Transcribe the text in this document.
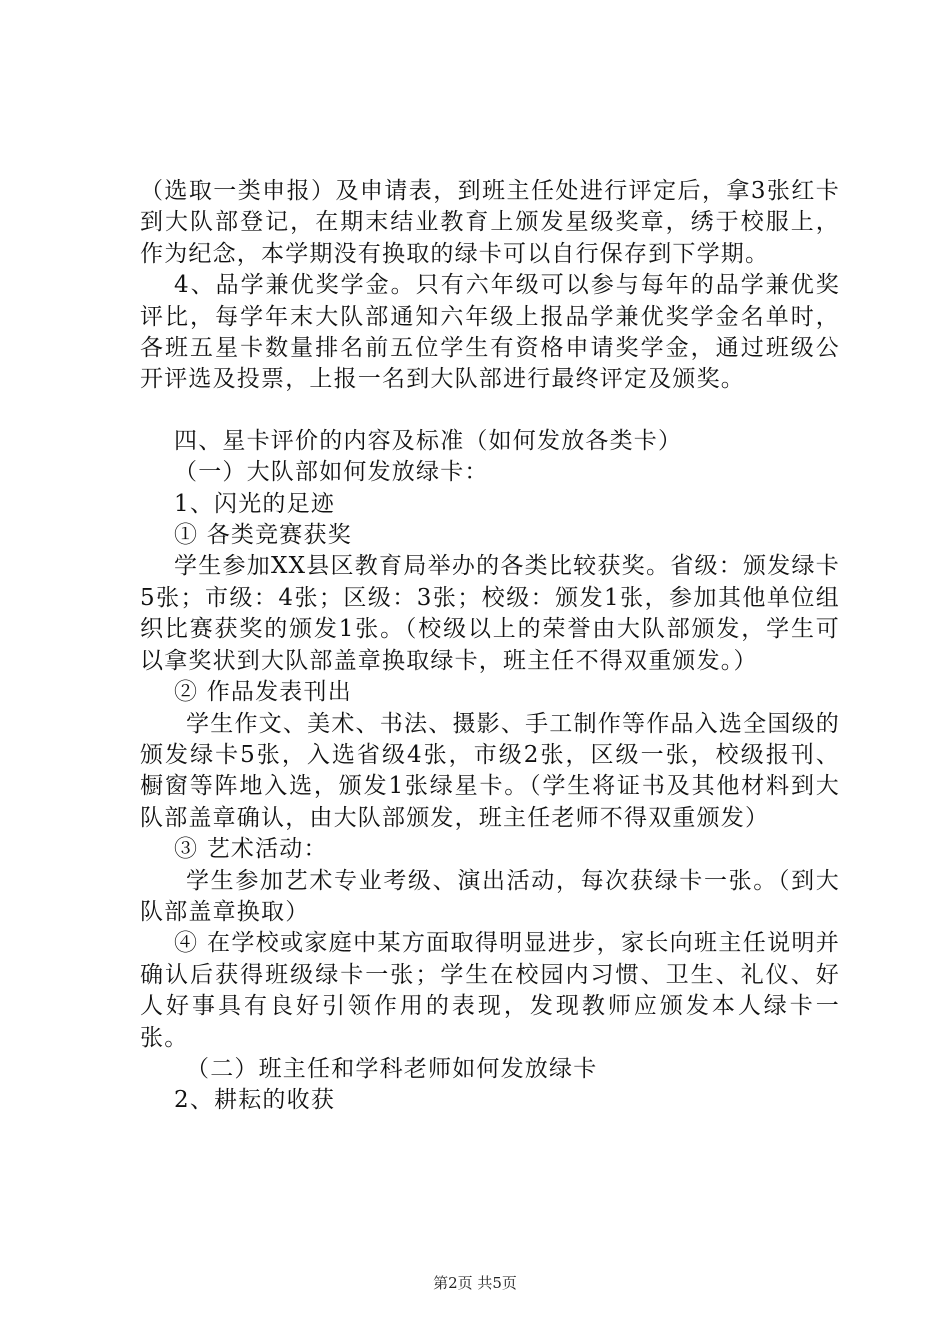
（选取一类申报）及申请表，到班主任处进行评定后，拿3张红卡到大队部登记，在期末结业教育上颁发星级奖章，绣于校服上，作为纪念，本学期没有换取的绿卡可以自行保存到下学期。

4、品学兼优奖学金。只有六年级可以参与每年的品学兼优奖评比，每学年末大队部通知六年级上报品学兼优奖学金名单时，各班五星卡数量排名前五位学生有资格申请奖学金，通过班级公开评选及投票，上报一名到大队部进行最终评定及颁奖。

四、星卡评价的内容及标准（如何发放各类卡）

（一）大队部如何发放绿卡：

1、闪光的足迹

① 各类竞赛获奖

学生参加XX县区教育局举办的各类比较获奖。省级：颁发绿卡5张；市级：4张；区级：3张；校级：颁发1张，参加其他单位组织比赛获奖的颁发1张。（校级以上的荣誉由大队部颁发，学生可以拿奖状到大队部盖章换取绿卡，班主任不得双重颁发。）

② 作品发表刊出

学生作文、美术、书法、摄影、手工制作等作品入选全国级的颁发绿卡5张，入选省级4张，市级2张，区级一张，校级报刊、橱窗等阵地入选，颁发1张绿星卡。（学生将证书及其他材料到大队部盖章确认，由大队部颁发，班主任老师不得双重颁发）

③ 艺术活动：

学生参加艺术专业考级、演出活动，每次获绿卡一张。（到大队部盖章换取）

④ 在学校或家庭中某方面取得明显进步，家长向班主任说明并确认后获得班级绿卡一张；学生在校园内习惯、卫生、礼仪、好人好事具有良好引领作用的表现，发现教师应颁发本人绿卡一张。

（二）班主任和学科老师如何发放绿卡

2、耕耘的收获

第2页 共5页
